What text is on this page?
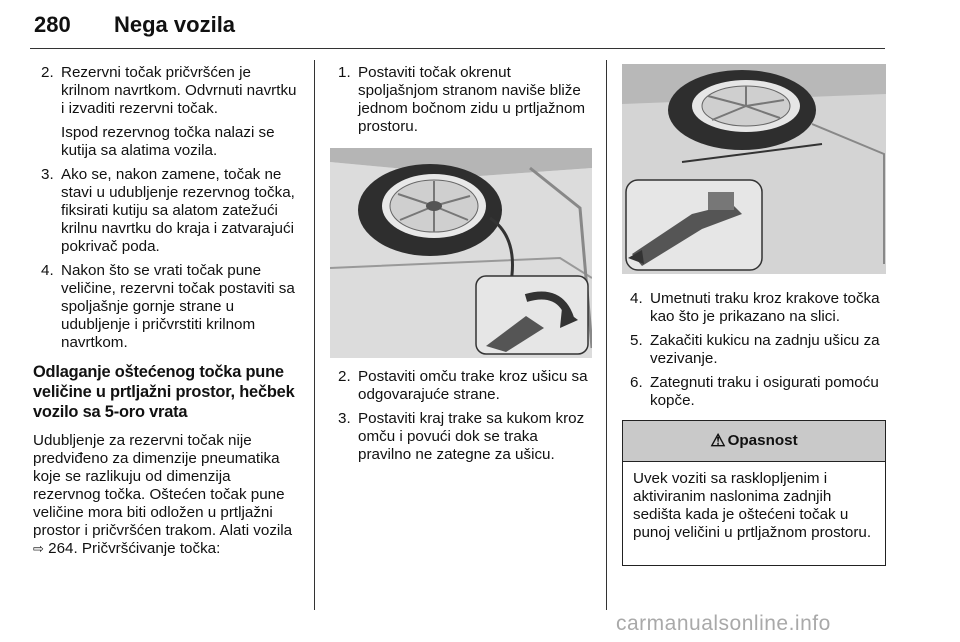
280 Nega vozila
2. Rezervni točak pričvršćen je krilnom navrtkom. Odvrnuti navrtku i izvaditi rezervni točak.
Ispod rezervnog točka nalazi se kutija sa alatima vozila.
3. Ako se, nakon zamene, točak ne stavi u udubljenje rezervnog točka, fiksirati kutiju sa alatom zatežući krilnu navrtku do kraja i zatvarajući pokrivač poda.
4. Nakon što se vrati točak pune veličine, rezervni točak postaviti sa spoljašnje gornje strane u udubljenje i pričvrstiti krilnom navrtkom.
Odlaganje oštećenog točka pune veličine u prtljažni prostor, hečbek vozilo sa 5-oro vrata

Udubljenje za rezervni točak nije predviđeno za dimenzije pneumatika koje se razlikuju od dimenzija rezervnog točka. Oštećen točak pune veličine mora biti odložen u prtljažni prostor i pričvršćen trakom. Alati vozila ⇨ 264. Pričvršćivanje točka:

1. Postaviti točak okrenut spoljašnjom stranom naviše bliže jednom bočnom zidu u prtljažnom prostoru.
2. Postaviti omču trake kroz ušicu sa odgovarajuće strane.
3. Postaviti kraj trake sa kukom kroz omču i povući dok se traka pravilno ne zategne za ušicu.
4. Umetnuti traku kroz krakove točka kao što je prikazano na slici.
5. Zakačiti kukicu na zadnju ušicu za vezivanje.
6. Zategnuti traku i osigurati pomoću kopče.
⚠ Opasnost
Uvek voziti sa rasklopljenim i aktiviranim naslonima zadnjih sedišta kada je oštećeni točak u punoj veličini u prtljažnom prostoru.
carmanualsonline.info
